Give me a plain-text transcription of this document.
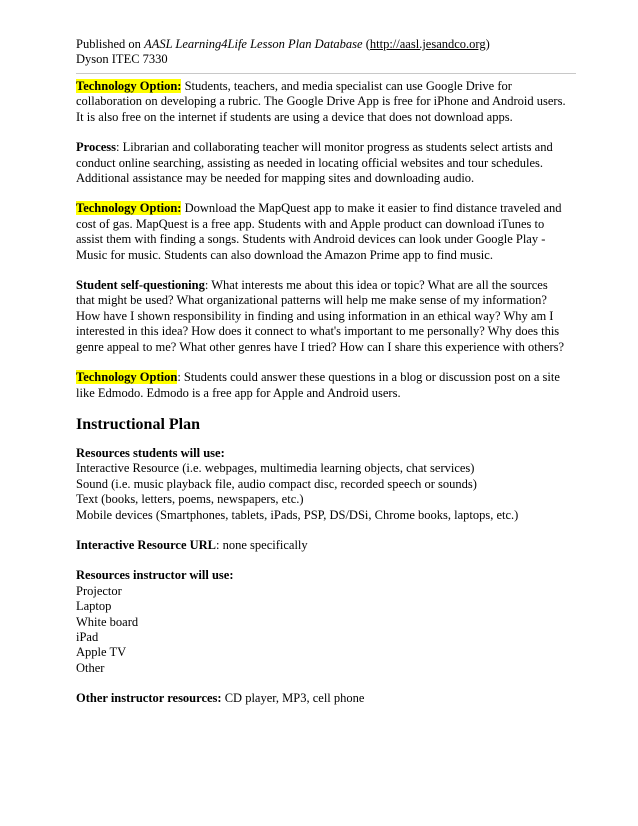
Published on AASL Learning4Life Lesson Plan Database (http://aasl.jesandco.org)
Dyson ITEC 7330

Technology Option: Students, teachers, and media specialist can use Google Drive for collaboration on developing a rubric. The Google Drive App is free for iPhone and Android users. It is also free on the internet if students are using a device that does not download apps.

Process: Librarian and collaborating teacher will monitor progress as students select artists and conduct online searching, assisting as needed in locating official websites and tour schedules. Additional assistance may be needed for mapping sites and downloading audio.

Technology Option: Download the MapQuest app to make it easier to find distance traveled and cost of gas. MapQuest is a free app. Students with and Apple product can download iTunes to assist them with finding a songs. Students with Android devices can look under Google Play - Music for music. Students can also download the Amazon Prime app to find music.

Student self-questioning: What interests me about this idea or topic? What are all the sources that might be used? What organizational patterns will help me make sense of my information? How have I shown responsibility in finding and using information in an ethical way? Why am I interested in this idea? How does it connect to what's important to me personally? Why does this genre appeal to me? What other genres have I tried? How can I share this experience with others?

Technology Option: Students could answer these questions in a blog or discussion post on a site like Edmodo. Edmodo is a free app for Apple and Android users.

Instructional Plan
Resources students will use:
Interactive Resource (i.e. webpages, multimedia learning objects, chat services)
Sound (i.e. music playback file, audio compact disc, recorded speech or sounds)
Text (books, letters, poems, newspapers, etc.)
Mobile devices (Smartphones, tablets, iPads, PSP, DS/DSi, Chrome books, laptops, etc.)

Interactive Resource URL: none specifically

Resources instructor will use:
Projector
Laptop
White board
iPad
Apple TV
Other

Other instructor resources: CD player, MP3, cell phone
